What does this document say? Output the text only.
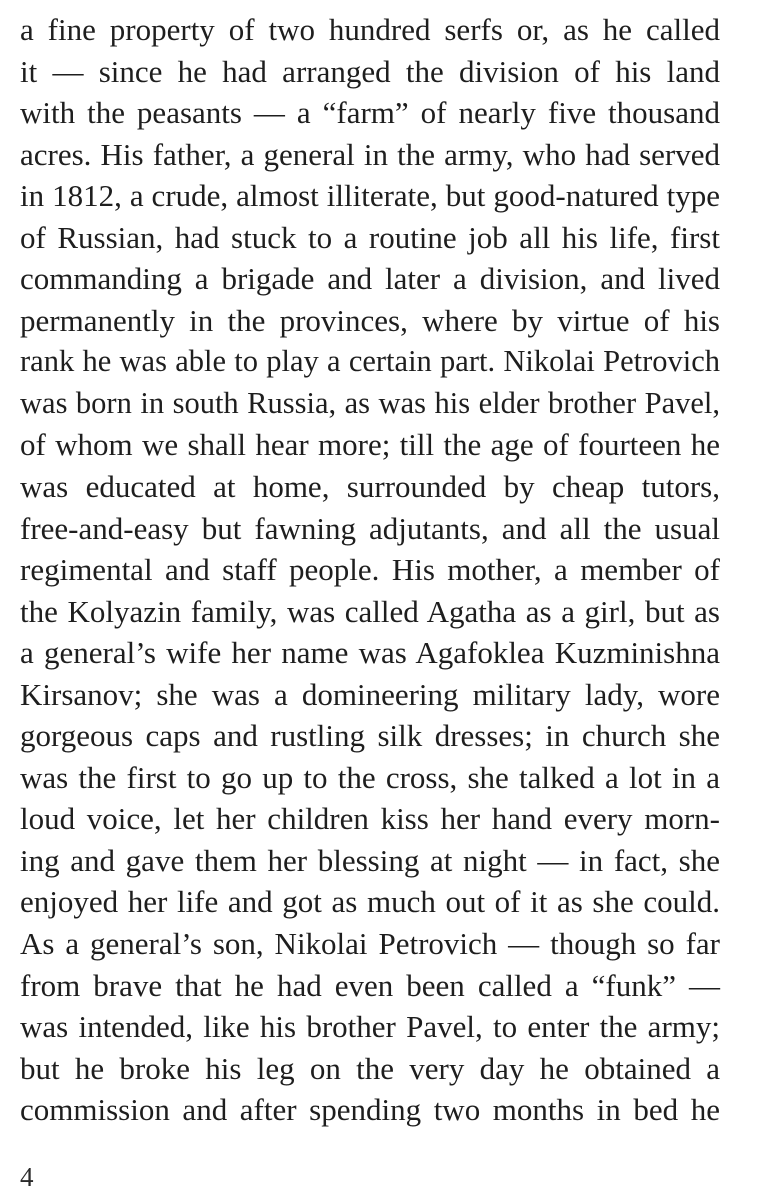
a fine property of two hundred serfs or, as he called
it — since he had arranged the division of his land
with the peasants — a “farm” of nearly five thousand
acres. His father, a general in the army, who had served
in 1812, a crude, almost illiterate, but good-natured type
of Russian, had stuck to a routine job all his life, first
commanding a brigade and later a division, and lived
permanently in the provinces, where by virtue of his
rank he was able to play a certain part. Nikolai Petrovich
was born in south Russia, as was his elder brother Pavel,
of whom we shall hear more; till the age of fourteen he
was educated at home, surrounded by cheap tutors,
free-and-easy but fawning adjutants, and all the usual
regimental and staff people. His mother, a member of
the Kolyazin family, was called Agatha as a girl, but as
a general’s wife her name was Agafoklea Kuzminishna
Kirsanov; she was a domineering military lady, wore
gorgeous caps and rustling silk dresses; in church she
was the first to go up to the cross, she talked a lot in a
loud voice, let her children kiss her hand every morn-
ing and gave them her blessing at night — in fact, she
enjoyed her life and got as much out of it as she could.
As a general’s son, Nikolai Petrovich — though so far
from brave that he had even been called a “funk” —
was intended, like his brother Pavel, to enter the army;
but he broke his leg on the very day he obtained a
commission and after spending two months in bed he
4
